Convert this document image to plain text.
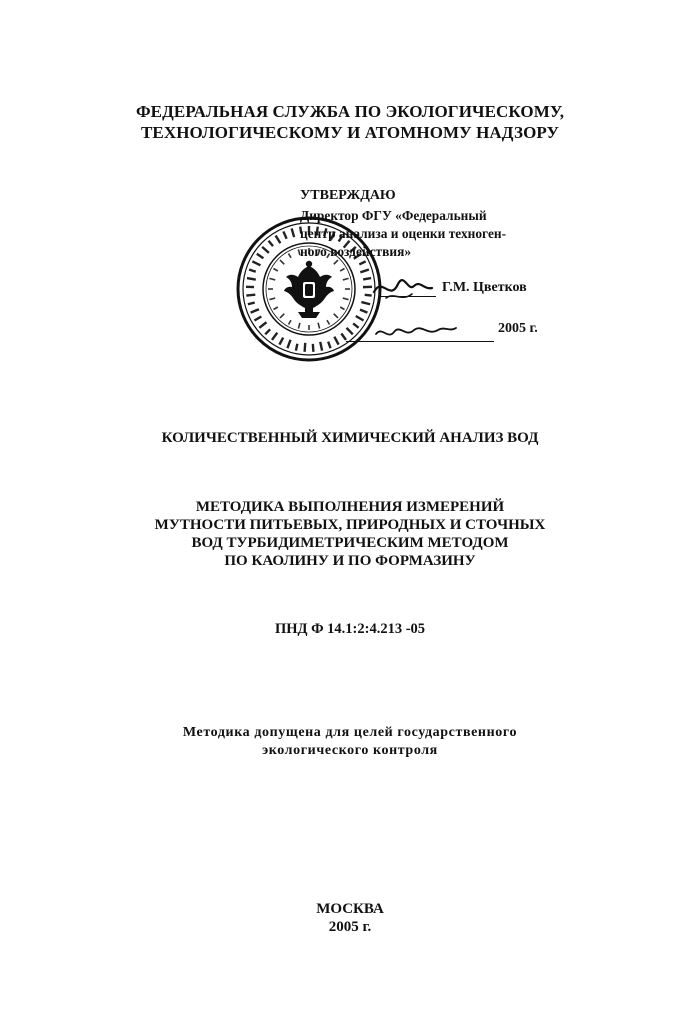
ФЕДЕРАЛЬНАЯ СЛУЖБА ПО ЭКОЛОГИЧЕСКОМУ,
ТЕХНОЛОГИЧЕСКОМУ И АТОМНОМУ НАДЗОРУ
УТВЕРЖДАЮ
Директор ФГУ «Федеральный
центр анализа и оценки техноген-
ного воздействия»
Г.М. Цветков
2005 г.
КОЛИЧЕСТВЕННЫЙ ХИМИЧЕСКИЙ АНАЛИЗ ВОД
МЕТОДИКА ВЫПОЛНЕНИЯ ИЗМЕРЕНИЙ
МУТНОСТИ ПИТЬЕВЫХ, ПРИРОДНЫХ И СТОЧНЫХ
ВОД ТУРБИДИМЕТРИЧЕСКИМ МЕТОДОМ
ПО КАОЛИНУ И ПО ФОРМАЗИНУ
ПНД Ф 14.1:2:4.213 -05
Методика допущена для целей государственного
экологического контроля
МОСКВА
2005 г.
